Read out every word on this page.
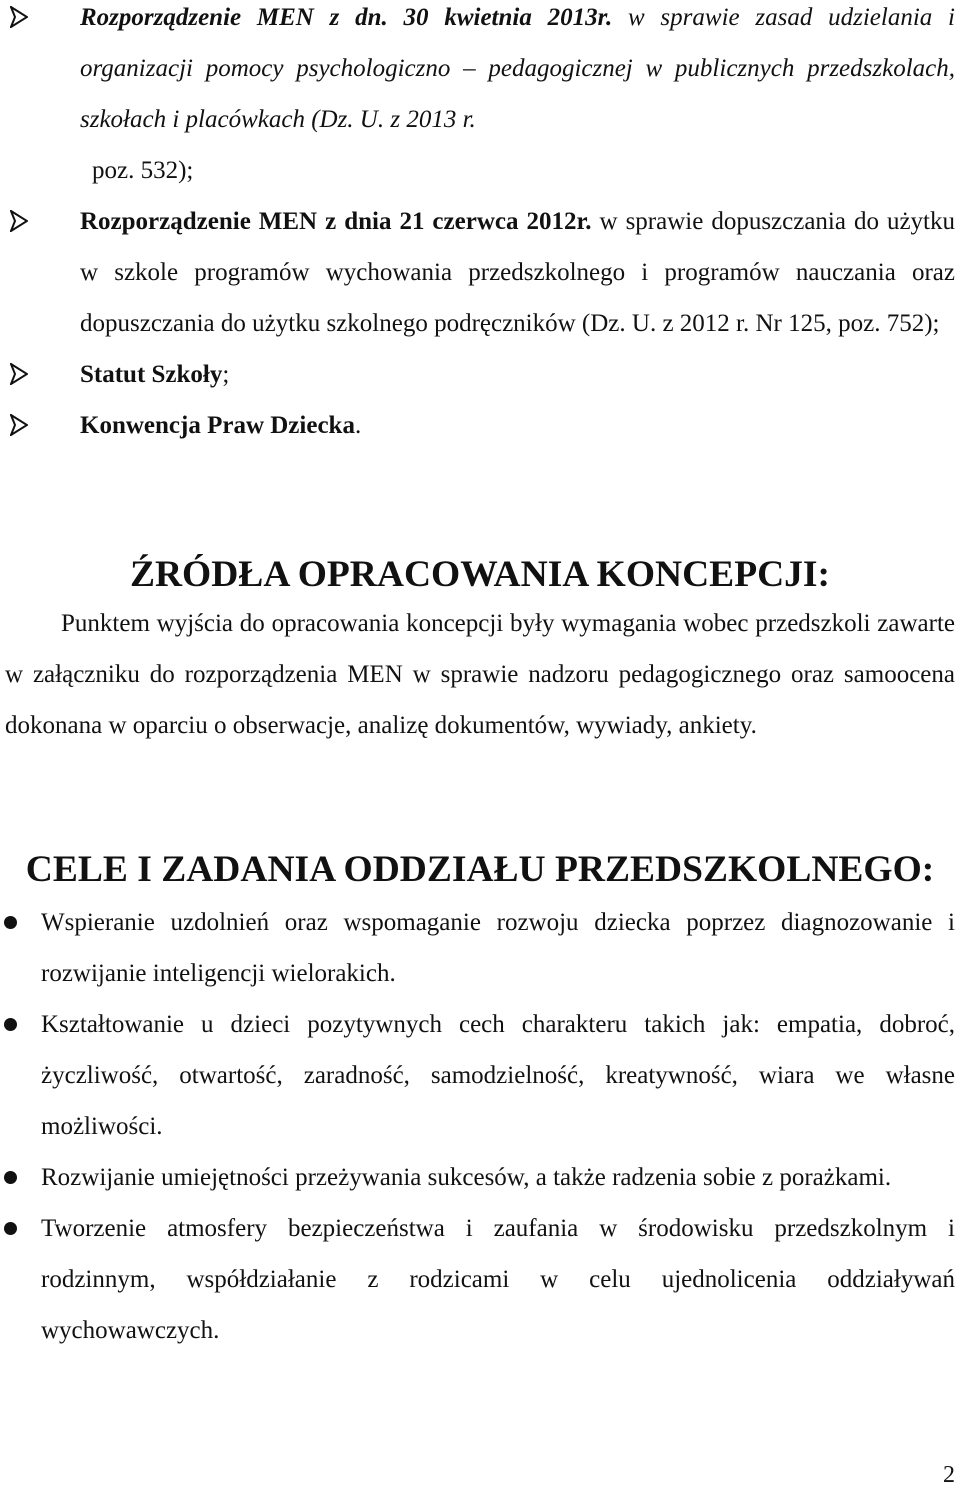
Rozporządzenie MEN z dn. 30 kwietnia 2013r. w sprawie zasad udzielania i organizacji pomocy psychologiczno – pedagogicznej w publicznych przedszkolach, szkołach i placówkach (Dz. U. z 2013 r.

poz. 532);

Rozporządzenie MEN z dnia 21 czerwca 2012r. w sprawie dopuszczania do użytku w szkole programów wychowania przedszkolnego i programów nauczania oraz dopuszczania do użytku szkolnego podręczników (Dz. U. z 2012 r. Nr 125, poz. 752);

Statut Szkoły;

Konwencja Praw Dziecka.

ŹRÓDŁA OPRACOWANIA KONCEPCJI:

Punktem wyjścia do opracowania koncepcji były wymagania wobec przedszkoli zawarte w załączniku do rozporządzenia MEN w sprawie nadzoru pedagogicznego oraz samoocena dokonana w oparciu o obserwacje, analizę dokumentów, wywiady, ankiety.

CELE I ZADANIA ODDZIAŁU PRZEDSZKOLNEGO:

Wspieranie uzdolnień oraz wspomaganie rozwoju dziecka poprzez diagnozowanie i rozwijanie inteligencji wielorakich.

Kształtowanie u dzieci pozytywnych cech charakteru takich jak: empatia, dobroć, życzliwość, otwartość, zaradność, samodzielność, kreatywność, wiara we własne możliwości.

Rozwijanie umiejętności przeżywania sukcesów, a także radzenia sobie z porażkami.

Tworzenie atmosfery bezpieczeństwa i zaufania w środowisku przedszkolnym i rodzinnym, współdziałanie z rodzicami w celu ujednolicenia oddziaływań wychowawczych.

2
